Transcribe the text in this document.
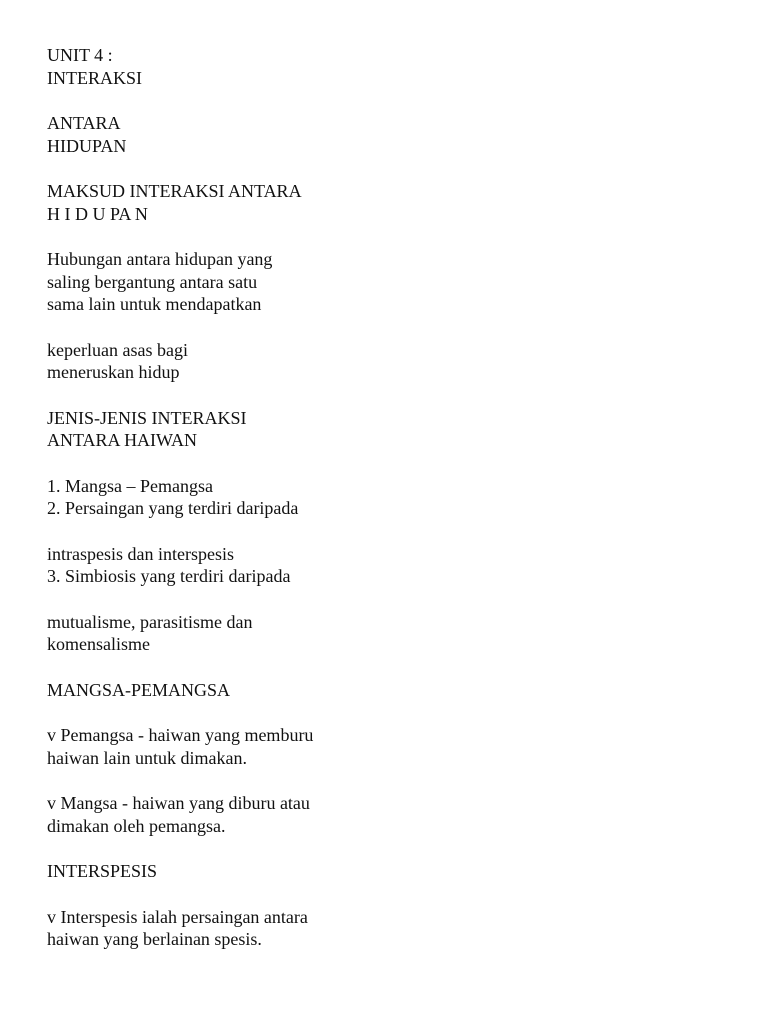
UNIT 4 :
INTERAKSI
ANTARA
HIDUPAN
MAKSUD INTERAKSI ANTARA
H I D U PA N
Hubungan antara hidupan yang
saling bergantung antara satu
sama lain untuk mendapatkan
keperluan asas bagi
meneruskan hidup
JENIS-JENIS INTERAKSI
ANTARA HAIWAN
1. Mangsa – Pemangsa
2. Persaingan yang terdiri daripada
intraspesis dan interspesis
3. Simbiosis yang terdiri daripada
mutualisme, parasitisme dan
komensalisme
MANGSA-PEMANGSA
v Pemangsa - haiwan yang memburu
haiwan lain untuk dimakan.
v Mangsa - haiwan yang diburu atau
dimakan oleh pemangsa.
INTERSPESIS
v Interspesis ialah persaingan antara
haiwan yang berlainan spesis.
